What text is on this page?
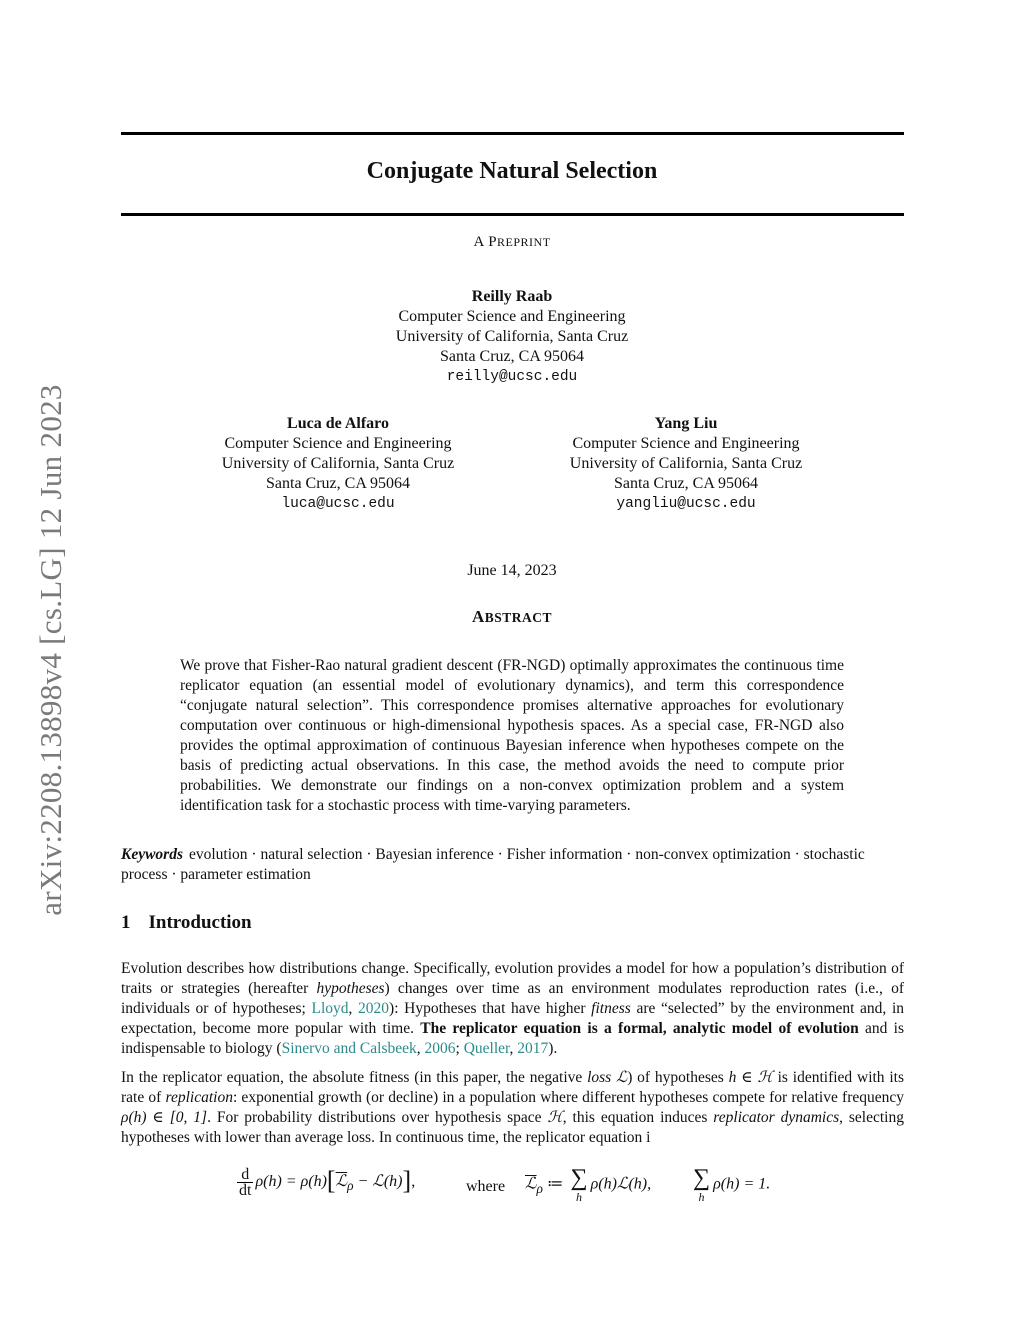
arXiv:2208.13898v4 [cs.LG] 12 Jun 2023
Conjugate Natural Selection
A PREPRINT
Reilly Raab
Computer Science and Engineering
University of California, Santa Cruz
Santa Cruz, CA 95064
reilly@ucsc.edu
Luca de Alfaro
Computer Science and Engineering
University of California, Santa Cruz
Santa Cruz, CA 95064
luca@ucsc.edu
Yang Liu
Computer Science and Engineering
University of California, Santa Cruz
Santa Cruz, CA 95064
yangliu@ucsc.edu
June 14, 2023
ABSTRACT

We prove that Fisher-Rao natural gradient descent (FR-NGD) optimally approximates the continuous time replicator equation (an essential model of evolutionary dynamics), and term this correspondence “conjugate natural selection”. This correspondence promises alternative approaches for evolutionary computation over continuous or high-dimensional hypothesis spaces. As a special case, FR-NGD also provides the optimal approximation of continuous Bayesian inference when hypotheses compete on the basis of predicting actual observations. In this case, the method avoids the need to compute prior probabilities. We demonstrate our findings on a non-convex optimization problem and a system identification task for a stochastic process with time-varying parameters.

Keywords evolution · natural selection · Bayesian inference · Fisher information · non-convex optimization · stochastic process · parameter estimation

1 Introduction

Evolution describes how distributions change. Specifically, evolution provides a model for how a population’s distribution of traits or strategies (hereafter hypotheses) changes over time as an environment modulates reproduction rates (i.e., of individuals or of hypotheses; Lloyd, 2020): Hypotheses that have higher fitness are “selected” by the environment and, in expectation, become more popular with time. The replicator equation is a formal, analytic model of evolution and is indispensable to biology (Sinervo and Calsbeek, 2006; Queller, 2017).

In the replicator equation, the absolute fitness (in this paper, the negative loss ℒ) of hypotheses h ∈ ℋ is identified with its rate of replication: exponential growth (or decline) in a population where different hypotheses compete for relative frequency ρ(h) ∈ [0, 1]. For probability distributions over hypothesis space ℋ, this equation induces replicator dynamics, selecting hypotheses with lower than average loss. In continuous time, the replicator equation i

$\frac{d}{dt} \rho(h)$ = ρ(h)[ℒ$_\rho$ − ℒ(h)],	where ℒ$_\rho$ ≔ ∑
h
ρ(h)ℒ(h), ∑
h
ρ(h) = 1.
